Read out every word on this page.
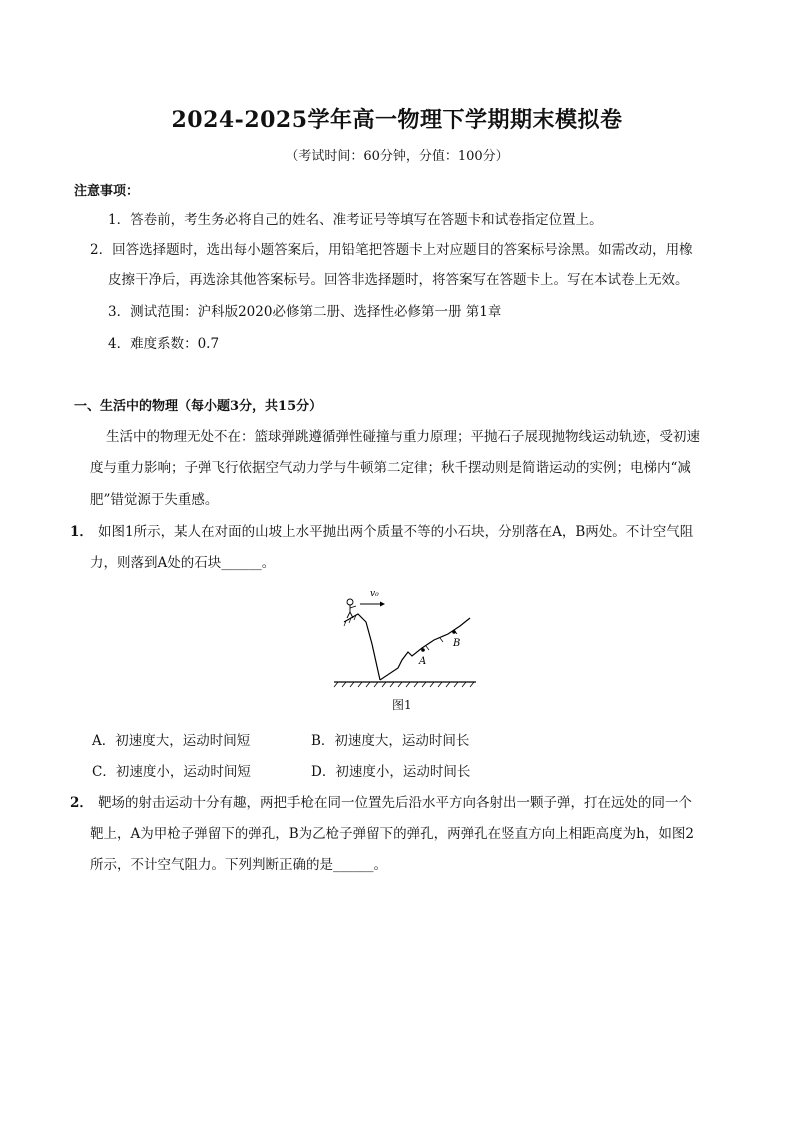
2024-2025学年高一物理下学期期末模拟卷
（考试时间：60分钟，分值：100分）
注意事项：
1．答卷前，考生务必将自己的姓名、准考证号等填写在答题卡和试卷指定位置上。
2．回答选择题时，选出每小题答案后，用铅笔把答题卡上对应题目的答案标号涂黑。如需改动，用橡
皮擦干净后，再选涂其他答案标号。回答非选择题时，将答案写在答题卡上。写在本试卷上无效。
3．测试范围：沪科版2020必修第二册、选择性必修第一册 第1章
4．难度系数：0.7
一、生活中的物理（每小题3分，共15分）
生活中的物理无处不在：篮球弹跳遵循弹性碰撞与重力原理；平抛石子展现抛物线运动轨迹，受初速
度与重力影响；子弹飞行依据空气动力学与牛顿第二定律；秋千摆动则是简谐运动的实例；电梯内“减
肥”错觉源于失重感。
1． 如图1所示，某人在对面的山坡上水平抛出两个质量不等的小石块，分别落在A，B两处。不计空气阻
力，则落到A处的石块______。
v₀
A
B
图1
A．初速度大，运动时间短	B．初速度大，运动时间长
C．初速度小，运动时间短	D．初速度小，运动时间长
2． 靶场的射击运动十分有趣，两把手枪在同一位置先后沿水平方向各射出一颗子弹，打在远处的同一个
靶上，A为甲枪子弹留下的弹孔，B为乙枪子弹留下的弹孔，两弹孔在竖直方向上相距高度为h，如图2
所示，不计空气阻力。下列判断正确的是______。
